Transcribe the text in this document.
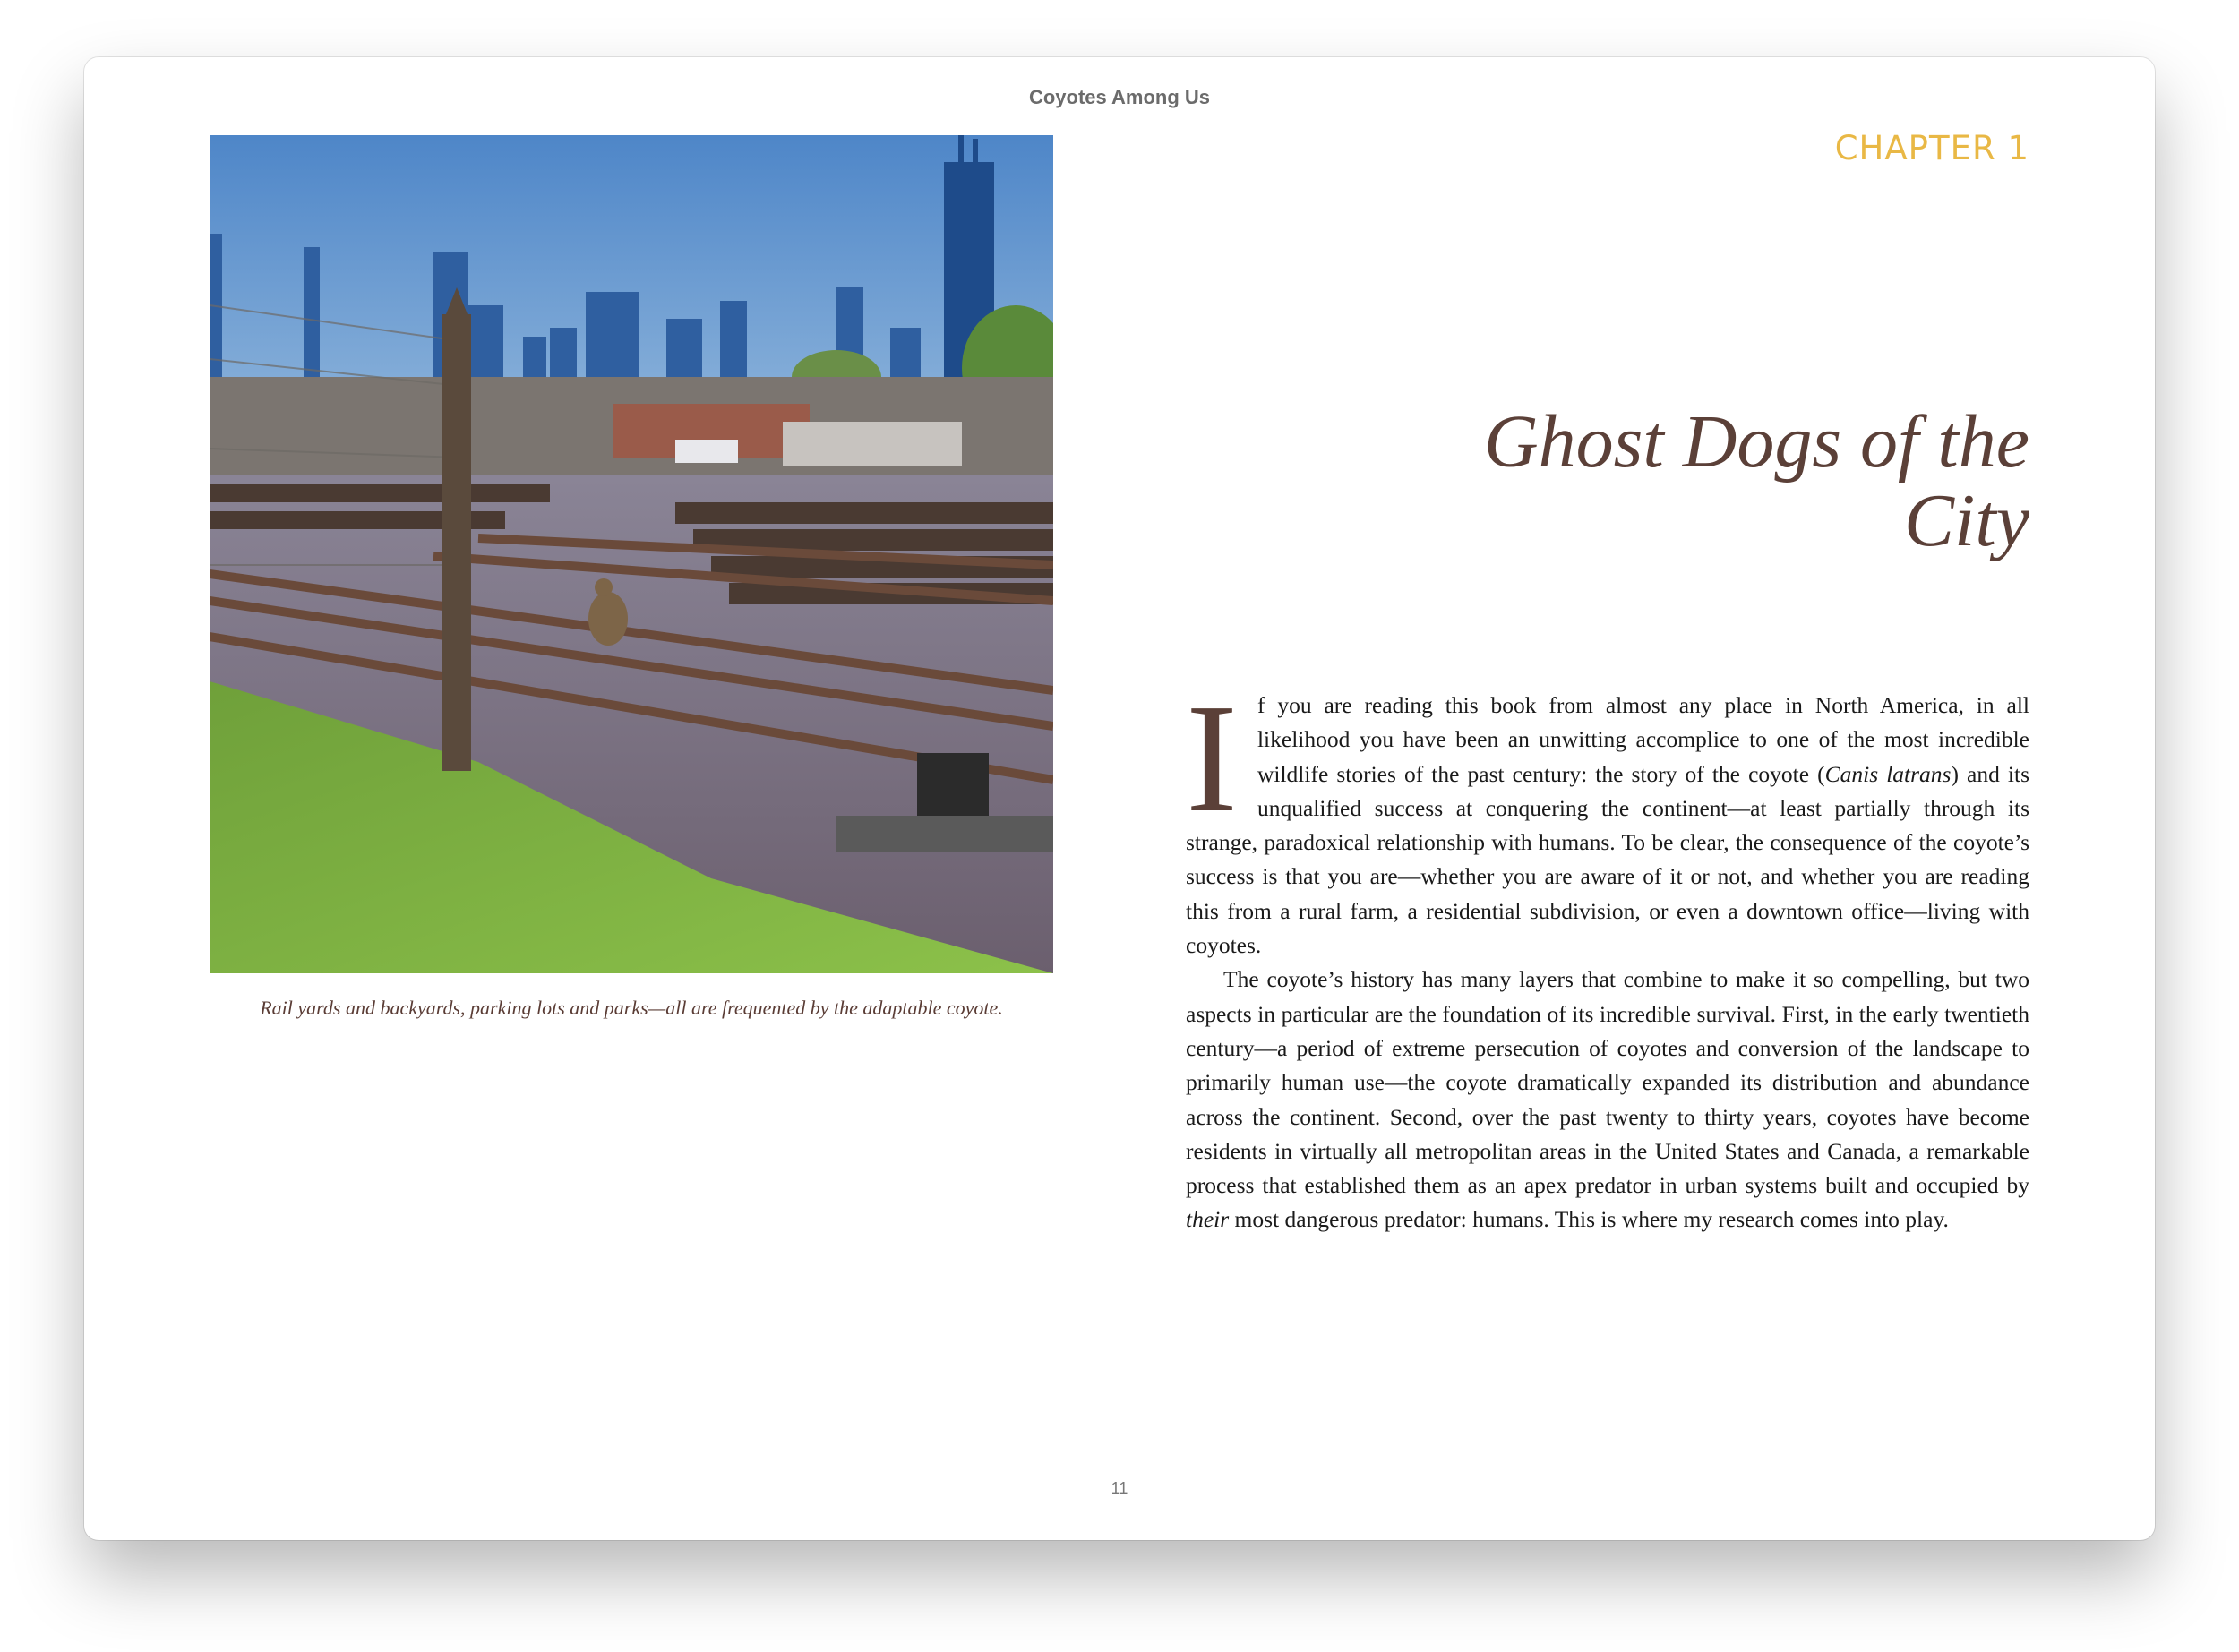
Coyotes Among Us
Rail yards and backyards, parking lots and parks—all are frequented by the adaptable coyote.
CHAPTER 1
Ghost Dogs of the City

If you are reading this book from almost any place in North America, in all likelihood you have been an unwitting accomplice to one of the most incredible wildlife stories of the past century: the story of the coyote (Canis latrans) and its unqualified success at conquering the continent—at least partially through its strange, paradoxical relationship with humans. To be clear, the consequence of the coyote’s success is that you are—whether you are aware of it or not, and whether you are reading this from a rural farm, a residential subdivision, or even a downtown office—living with coyotes.

The coyote’s history has many layers that combine to make it so compelling, but two aspects in particular are the foundation of its incredible survival. First, in the early twentieth century—a period of extreme persecution of coyotes and conversion of the landscape to primarily human use—the coyote dramatically expanded its distribution and abundance across the continent. Second, over the past twenty to thirty years, coyotes have become residents in virtually all metropolitan areas in the United States and Canada, a remarkable process that established them as an apex predator in urban systems built and occupied by their most dangerous predator: humans. This is where my research comes into play.

11
